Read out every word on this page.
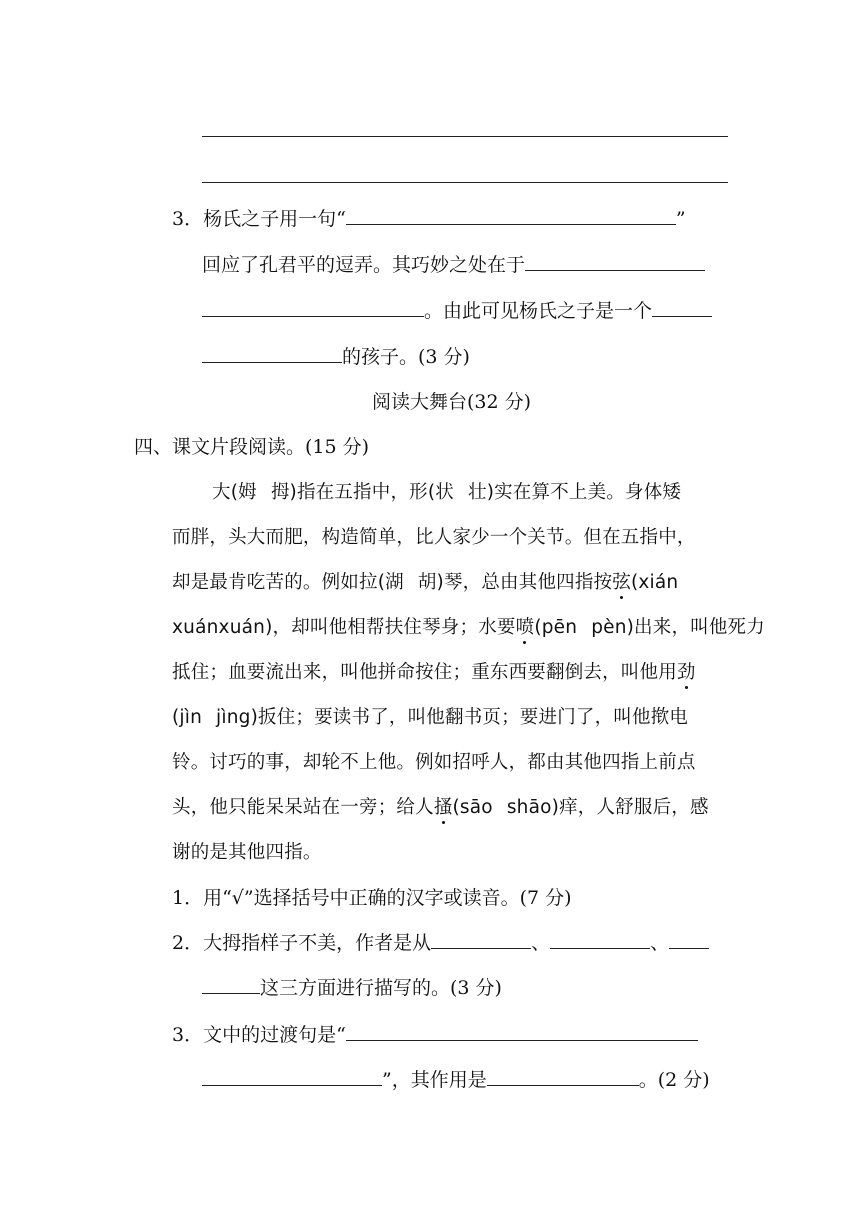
3．杨氏之子用一句“	”
回应了孔君平的逗弄。其巧妙之处在于
。由此可见杨氏之子是一个
的孩子。(3 分)
阅读大舞台(32 分)
四、课文片段阅读。(15 分)
大(姆 拇)指在五指中，形(状 壮)实在算不上美。身体矮
而胖，头大而肥，构造简单，比人家少一个关节。但在五指中，
却是最肯吃苦的。例如拉(湖 胡)琴，总由其他四指按弦(xián
xuánxuán)，却叫他相帮扶住琴身；水要喷(pēn pèn)出来，叫他死力
抵住；血要流出来，叫他拼命按住；重东西要翻倒去，叫他用劲
(jìn jìng)扳住；要读书了，叫他翻书页；要进门了，叫他揿电
铃。讨巧的事，却轮不上他。例如招呼人，都由其他四指上前点
头，他只能呆呆站在一旁；给人搔(sāo shāo)痒，人舒服后，感
谢的是其他四指。
1．用“√”选择括号中正确的汉字或读音。(7 分)
2．大拇指样子不美，作者是从	、	、
这三方面进行描写的。(3 分)
3．文中的过渡句是“
”，其作用是	。(2 分)
